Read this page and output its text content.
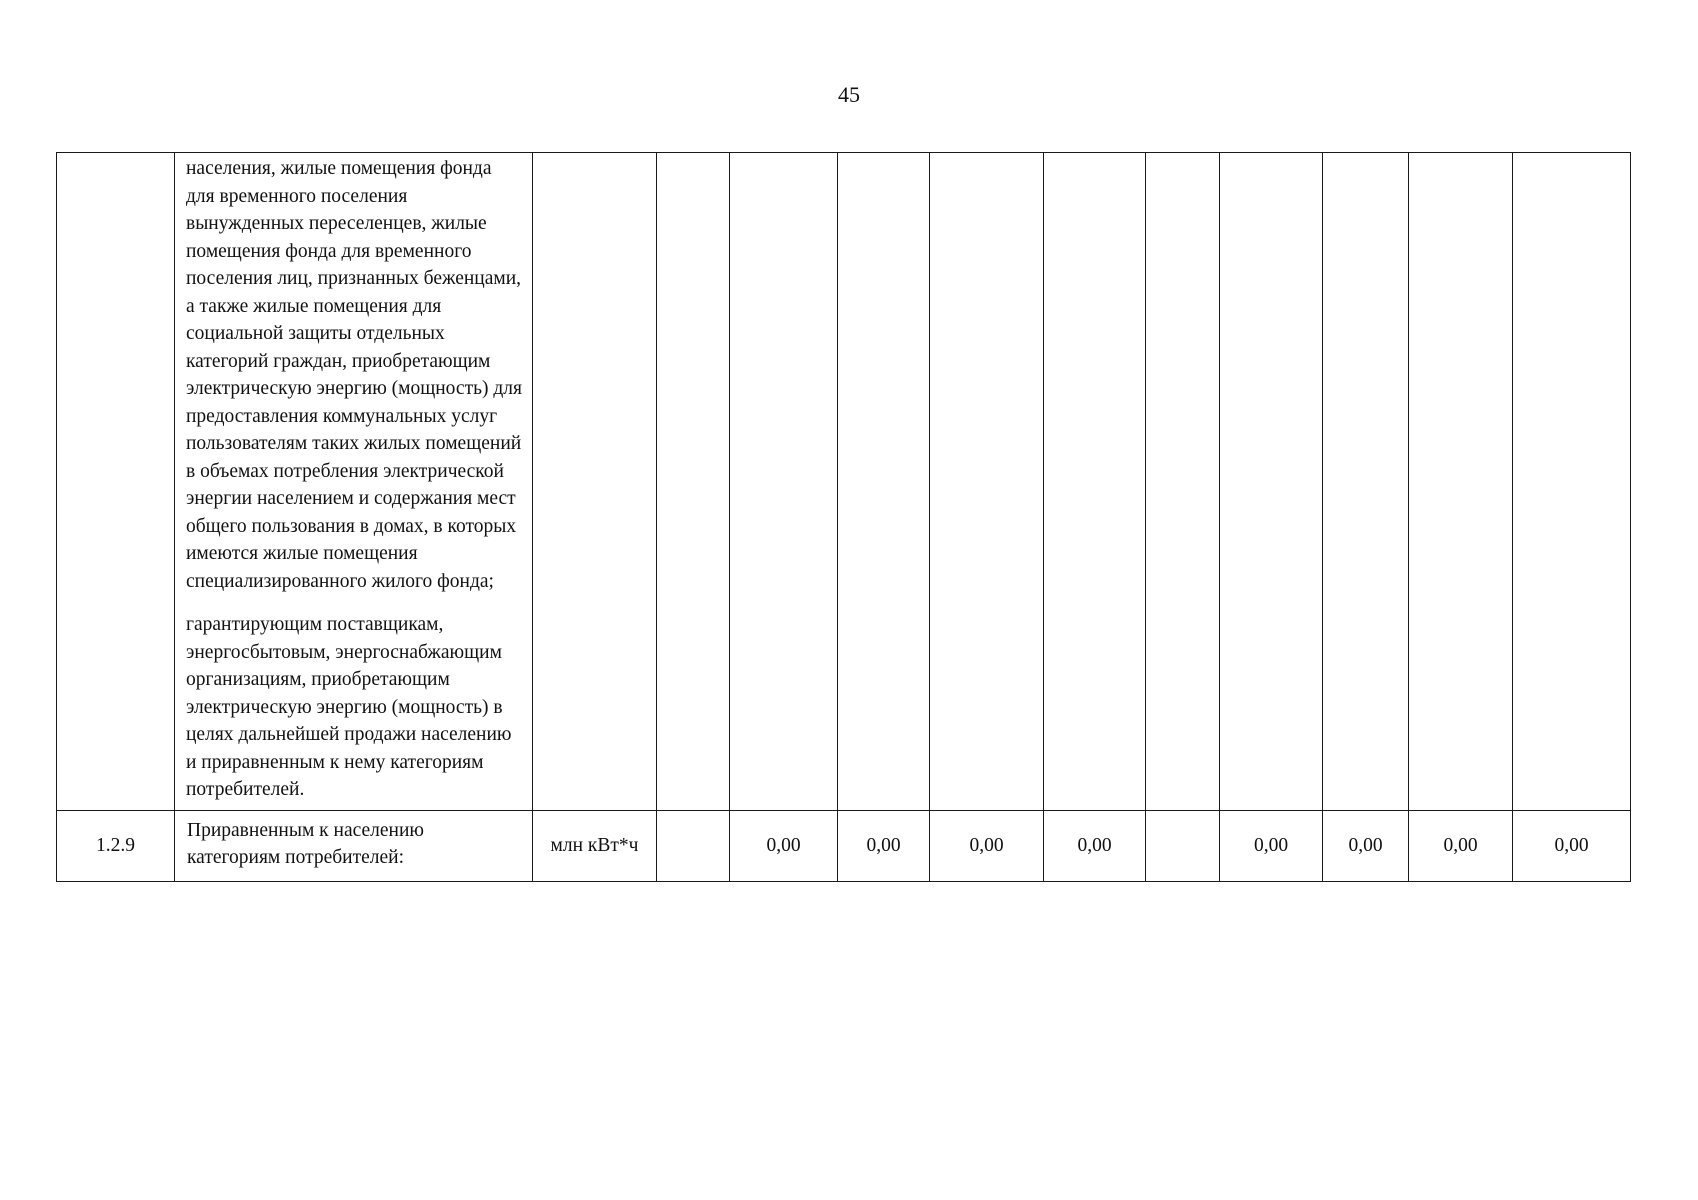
45

	населения, жилые помещения фонда для временного поселения вынужденных переселенцев, жилые помещения фонда для временного поселения лиц, признанных беженцами, а также жилые помещения для социальной защиты отдельных категорий граждан, приобретающим электрическую энергию (мощность) для предоставления коммунальных услуг пользователям таких жилых помещений в объемах потребления электрической энергии населением и содержания мест общего пользования в домах, в которых имеются жилые помещения специализированного жилого фонда;

гарантирующим поставщикам, энергосбытовым, энергоснабжающим организациям, приобретающим электрическую энергию (мощность) в целях дальнейшей продажи населению и приравненным к нему категориям потребителей.											

1.2.9	Приравненным к населению категориям потребителей:	млн кВт*ч		0,00	0,00	0,00	0,00		0,00	0,00	0,00	0,00
